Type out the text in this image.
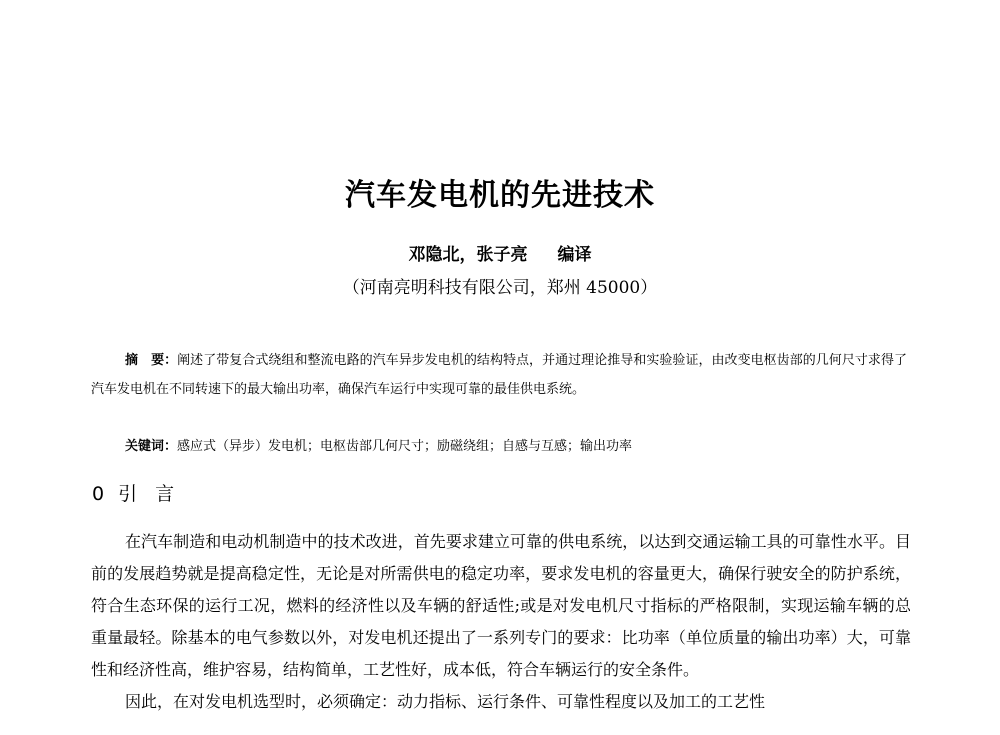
汽车发电机的先进技术
邓隐北，张子亮 编译
（河南亮明科技有限公司，郑州 45000）
摘　要：阐述了带复合式绕组和整流电路的汽车异步发电机的结构特点，并通过理论推导和实验验证，由改变电枢齿部的几何尺寸求得了汽车发电机在不同转速下的最大输出功率，确保汽车运行中实现可靠的最佳供电系统。
关键词：感应式（异步）发电机；电枢齿部几何尺寸；励磁绕组；自感与互感；输出功率
0 引 言

在汽车制造和电动机制造中的技术改进，首先要求建立可靠的供电系统，以达到交通运输工具的可靠性水平。目前的发展趋势就是提高稳定性，无论是对所需供电的稳定功率，要求发电机的容量更大，确保行驶安全的防护系统，符合生态环保的运行工况，燃料的经济性以及车辆的舒适性;或是对发电机尺寸指标的严格限制，实现运输车辆的总重量最轻。除基本的电气参数以外，对发电机还提出了一系列专门的要求：比功率（单位质量的输出功率）大，可靠性和经济性高，维护容易，结构简单，工艺性好，成本低，符合车辆运行的安全条件。

因此，在对发电机选型时，必须确定：动力指标、运行条件、可靠性程度以及加工的工艺性
